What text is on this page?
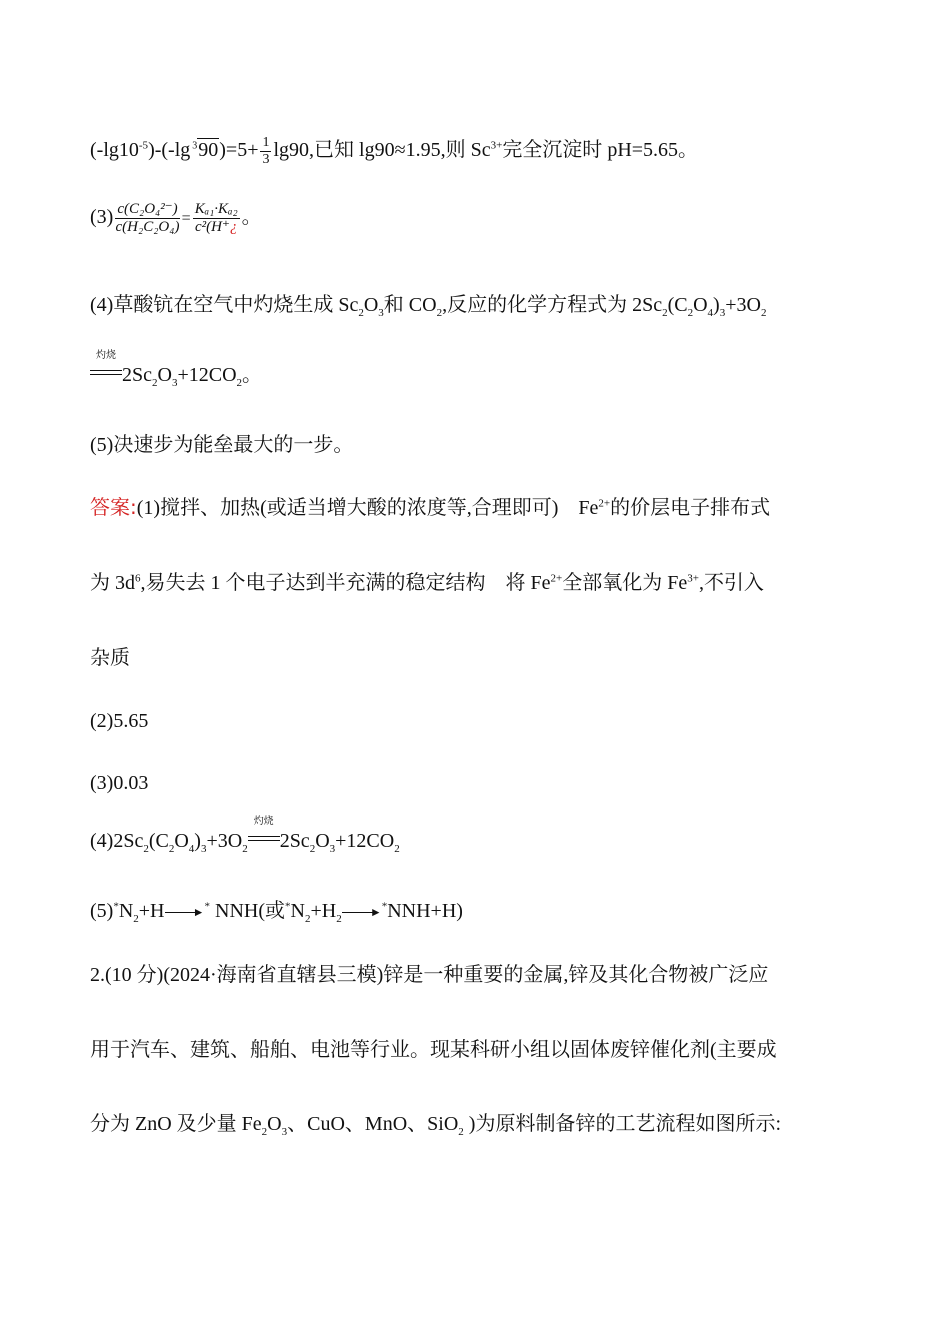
$(-\lg 10^{-5})-(-\lg$ $^390)=5+ \frac{1}{3} \lg 90$,已知 lg90≈1.95,则 $Sc^{3+}$完全沉淀时 pH=5.65。
$(3) \frac{\text{c(C₂O₄²⁻)}}{\text{c(H₂C₂O₄)}} = \frac{\text{Kₐ₁·Kₐ₂}}{\text{c²(H⁺¿}}$ 。
(4)草酸钪在空气中灼烧生成 $Sc_2O_3$和 $CO_2$,反应的化学方程式为 $2Sc_2(C_2O_4)_3+3O_2$
灼烧
$2Sc_2O_3+12CO_2$。
(5)决速步为能垒最大的一步。
答案:(1)搅拌、加热(或适当增大酸的浓度等,合理即可)    $Fe^{2+}$的价层电子排布式
为 $3d^6$,易失去 1 个电子达到半充满的稳定结构 将 $Fe^{2+}$全部氧化为 $Fe^{3+}$,不引入
杂质
(2)5.65
(3)0.03
$(4)2Sc_2(C_2O_4)_3+3O_2$
灼烧
$2Sc_2O_3+12CO_2$
$(5)^*N_2+H$ ► * NNH(或$^*N_2+H_2$ ► *NNH+H)
2.(10 分)(2024·海南省直辖县三模)锌是一种重要的金属,锌及其化合物被广泛应
用于汽车、建筑、船舶、电池等行业。现某科研小组以固体废锌催化剂(主要成
分为 ZnO 及少量 $Fe_2O_3$、CuO、MnO、SiO$_2$ )为原料制备锌的工艺流程如图所示:
